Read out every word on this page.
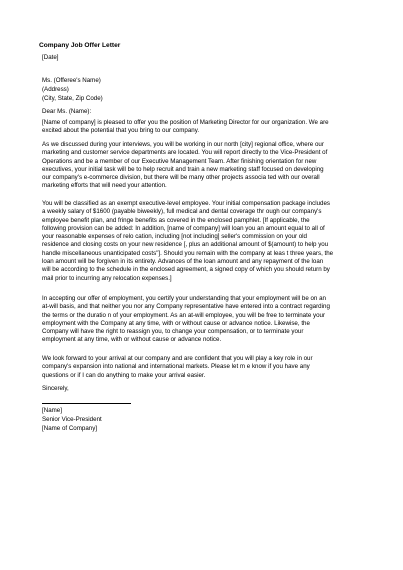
Company Job Offer Letter
[Date]
Ms. (Offeree's Name)
(Address)
(City, State, Zip Code)
Dear Ms. (Name):
[Name of company] is pleased to offer you the position of Marketing Director for our organization. We are
excited about the potential that you bring to our company.
As we discussed during your interviews, you will be working in our north [city] regional office, where our
marketing and customer service departments are located. You will report directly to the Vice-President of
Operations and be a member of our Executive Management Team. After finishing orientation for new
executives, your initial task will be to help recruit and train a new marketing staff focused on developing
our company's e-commerce division, but there will be many other projects associa ted with our overall
marketing efforts that will need your attention.
You will be classified as an exempt executive-level employee. Your initial compensation package includes
a weekly salary of $1600 (payable biweekly), full medical and dental coverage thr ough our company's
employee benefit plan, and fringe benefits as covered in the enclosed pamphlet. [If applicable, the
following provision can be added: In addition, [name of company] will loan you an amount equal to all of
your reasonable expenses of relo cation, including [not including] seller's commission on your old
residence and closing costs on your new residence [, plus an additional amount of $(amount) to help you
handle miscellaneous unanticipated costs"]. Should you remain with the company at leas t three years, the
loan amount will be forgiven in its entirety. Advances of the loan amount and any repayment of the loan
will be according to the schedule in the enclosed agreement, a signed copy of which you should return by
mail prior to incurring any relocation expenses.]
In accepting our offer of employment, you certify your understanding that your employment will be on an
at-will basis, and that neither you nor any Company representative have entered into a contract regarding
the terms or the duratio n of your employment. As an at-will employee, you will be free to terminate your
employment with the Company at any time, with or without cause or advance notice. Likewise, the
Company will have the right to reassign you, to change your compensation, or to terminate your
employment at any time, with or without cause or advance notice.
We look forward to your arrival at our company and are confident that you will play a key role in our
company's expansion into national and international markets. Please let m e know if you have any
questions or if I can do anything to make your arrival easier.
Sincerely,
[Name]
Senior Vice-President
[Name of Company]
